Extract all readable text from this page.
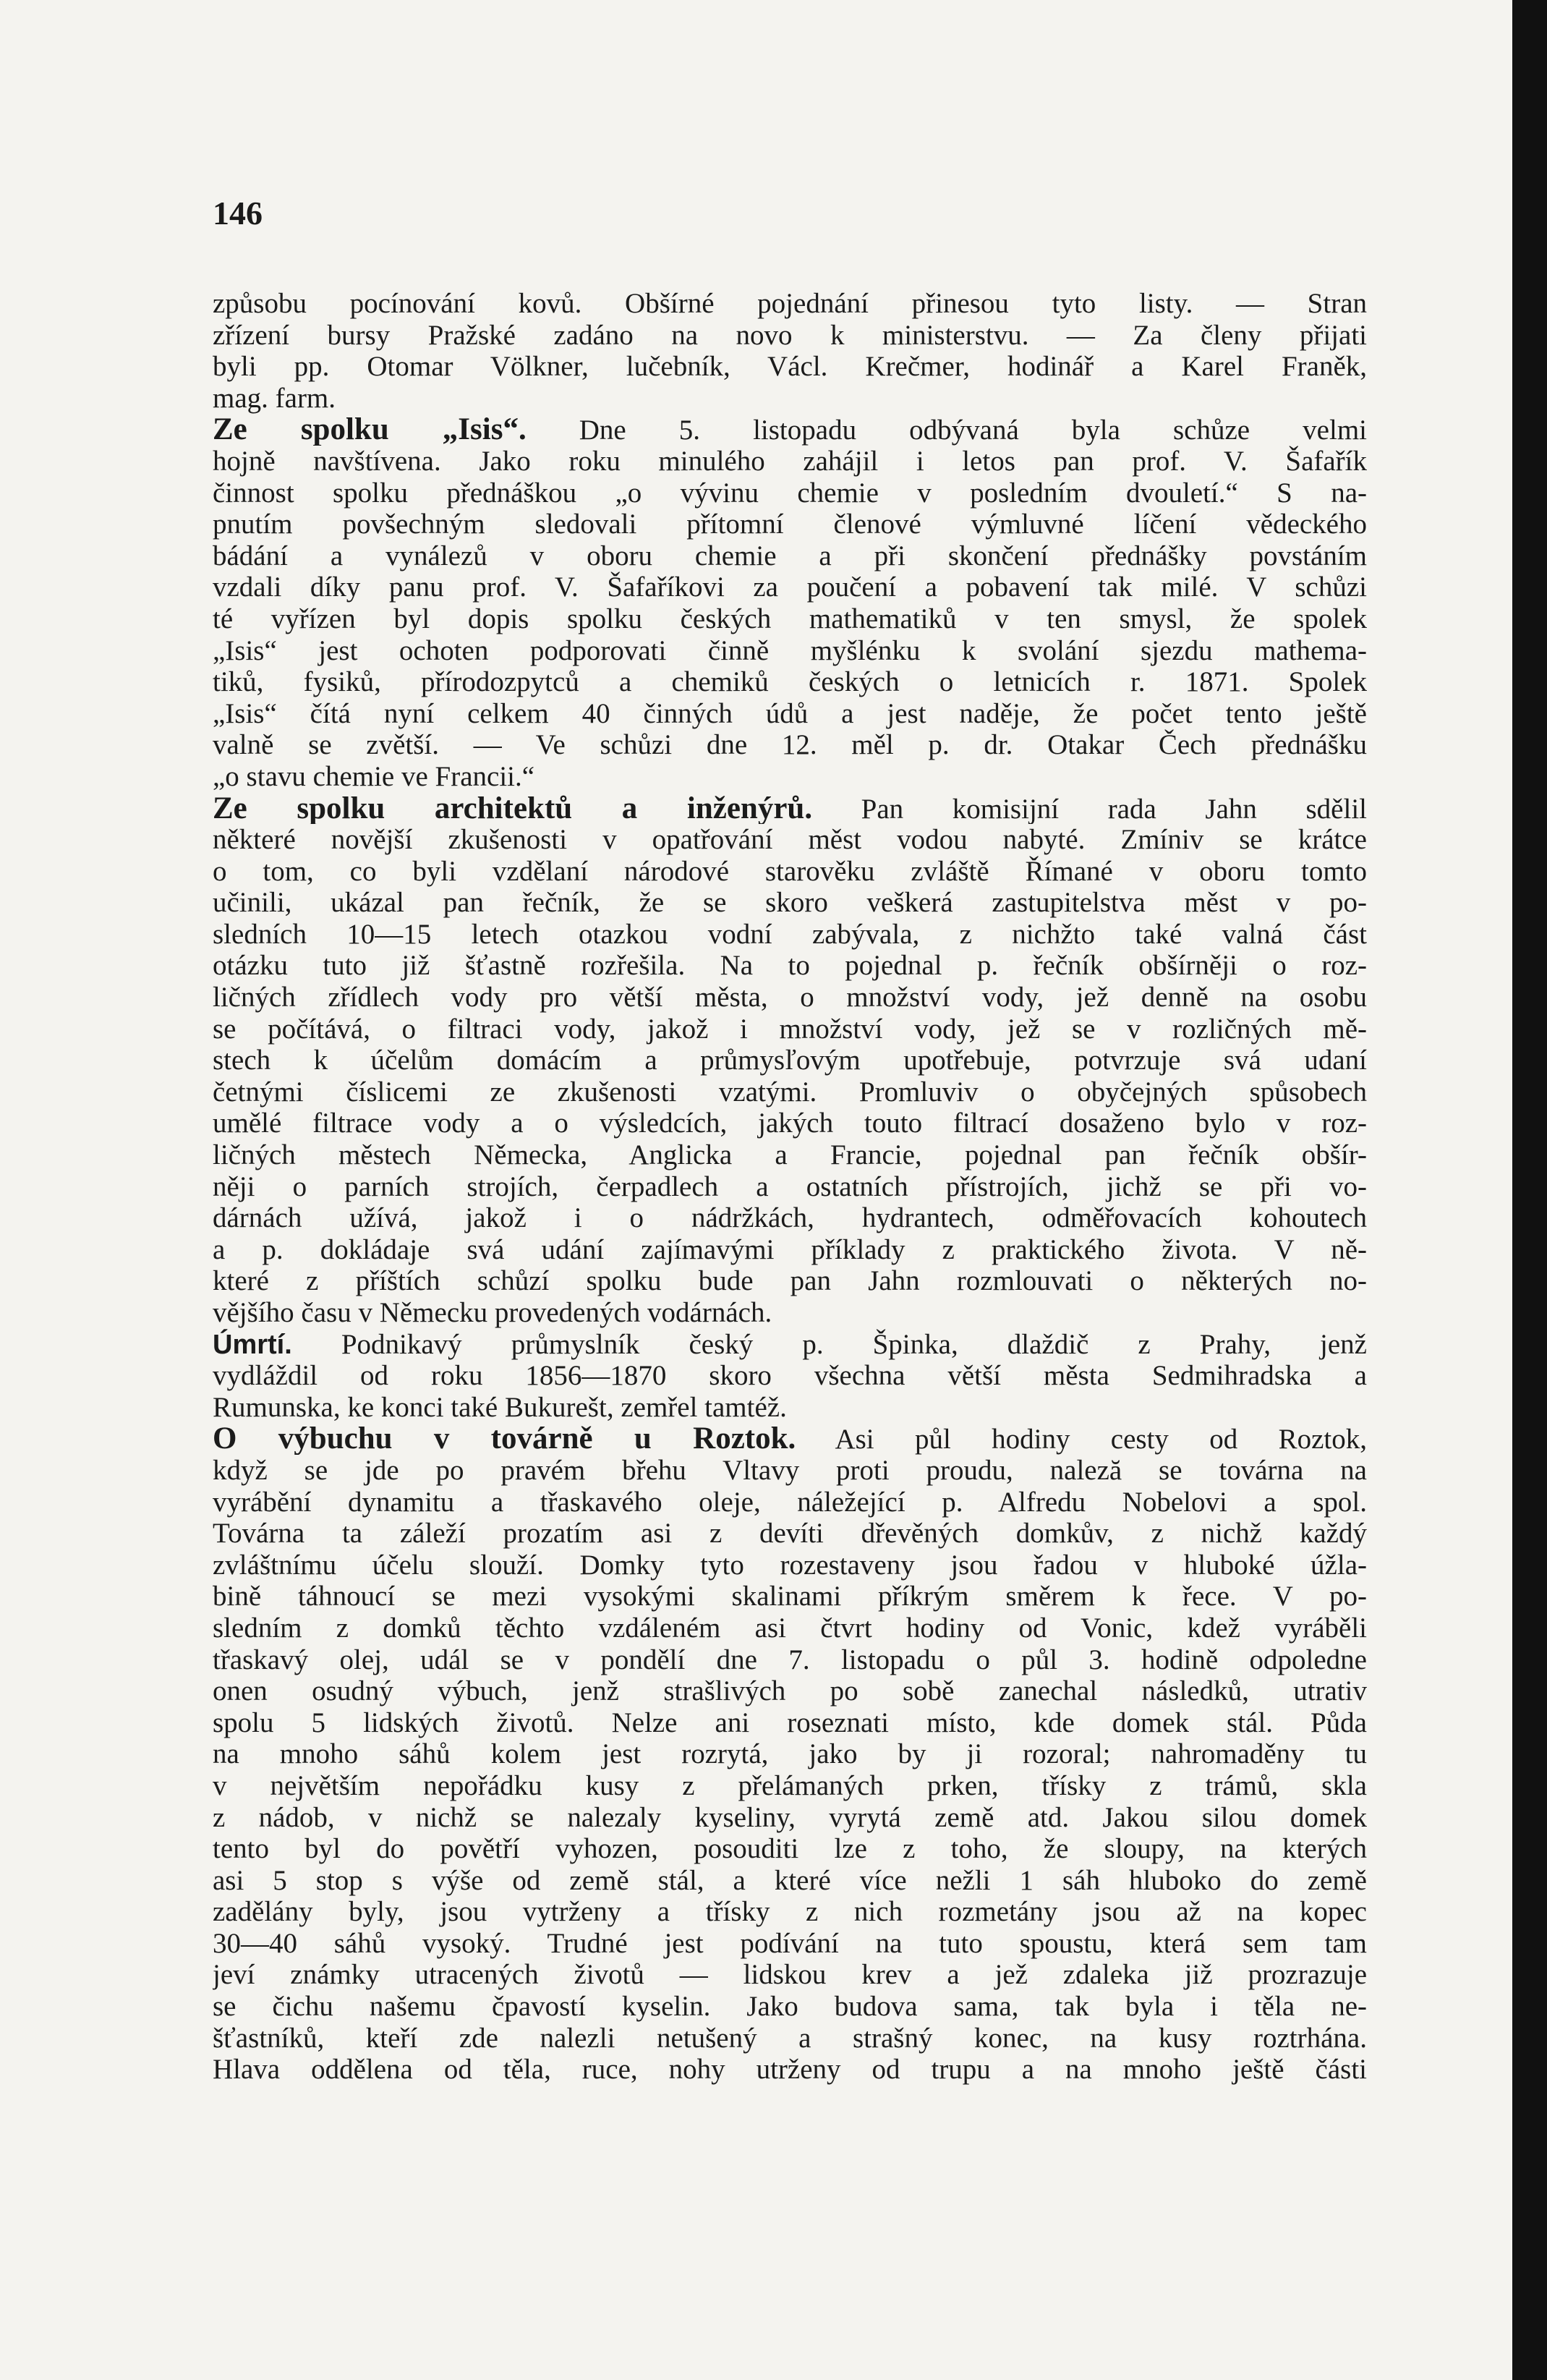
146

způsobu pocínování kovů. Obšírné pojednání přinesou tyto listy. — Stran
zřízení bursy Pražské zadáno na novo k ministerstvu. — Za členy přijati
byli pp. Otomar Völkner, lučebník, Václ. Krečmer, hodinář a Karel Franěk,
mag. farm.
Ze spolku „Isis“. Dne 5. listopadu odbývaná byla schůze velmi
hojně navštívena. Jako roku minulého zahájil i letos pan prof. V. Šafařík
činnost spolku přednáškou „o vývinu chemie v posledním dvouletí.“ S na-
pnutím povšechným sledovali přítomní členové výmluvné líčení vědeckého
bádání a vynálezů v oboru chemie a při skončení přednášky povstáním
vzdali díky panu prof. V. Šafaříkovi za poučení a pobavení tak milé. V schůzi
té vyřízen byl dopis spolku českých mathematiků v ten smysl, že spolek
„Isis“ jest ochoten podporovati činně myšlénku k svolání sjezdu mathema-
tiků, fysiků, přírodozpytců a chemiků českých o letnicích r. 1871. Spolek
„Isis“ čítá nyní celkem 40 činných údů a jest naděje, že počet tento ještě
valně se zvětší. — Ve schůzi dne 12. měl p. dr. Otakar Čech přednášku
„o stavu chemie ve Francii.“
Ze spolku architektů a inženýrů. Pan komisijní rada Jahn sdělil
některé novější zkušenosti v opatřování měst vodou nabyté. Zmíniv se krátce
o tom, co byli vzdělaní národové starověku zvláště Římané v oboru tomto
učinili, ukázal pan řečník, že se skoro veškerá zastupitelstva měst v po-
sledních 10—15 letech otazkou vodní zabývala, z nichžto také valná část
otázku tuto již šťastně rozřešila. Na to pojednal p. řečník obšírněji o roz-
ličných zřídlech vody pro větší města, o množství vody, jež denně na osobu
se počítává, o filtraci vody, jakož i množství vody, jež se v rozličných mě-
stech k účelům domácím a průmysľovým upotřebuje, potvrzuje svá udaní
četnými číslicemi ze zkušenosti vzatými. Promluviv o obyčejných spůsobech
umělé filtrace vody a o výsledcích, jakých touto filtrací dosaženo bylo v roz-
ličných městech Německa, Anglicka a Francie, pojednal pan řečník obšír-
něji o parních strojích, čerpadlech a ostatních přístrojích, jichž se při vo-
dárnách užívá, jakož i o nádržkách, hydrantech, odměřovacích kohoutech
a p. dokládaje svá udání zajímavými příklady z praktického života. V ně-
které z příštích schůzí spolku bude pan Jahn rozmlouvati o některých no-
vějšího času v Německu provedených vodárnách.
Úmrtí. Podnikavý průmyslník český p. Špinka, dlaždič z Prahy, jenž
vydláždil od roku 1856—1870 skoro všechna větší města Sedmihradska a
Rumunska, ke konci také Bukurešt, zemřel tamtéž.
O výbuchu v továrně u Roztok. Asi půl hodiny cesty od Roztok,
když se jde po pravém břehu Vltavy proti proudu, naleză se továrna na
vyrábění dynamitu a třaskavého oleje, náležející p. Alfredu Nobelovi a spol.
Továrna ta záleží prozatím asi z devíti dřevěných domkův, z nichž každý
zvláštnímu účelu slouží. Domky tyto rozestaveny jsou řadou v hluboké úžla-
bině táhnoucí se mezi vysokými skalinami příkrým směrem k řece. V po-
sledním z domků těchto vzdáleném asi čtvrt hodiny od Vonic, kdež vyráběli
třaskavý olej, udál se v pondělí dne 7. listopadu o půl 3. hodině odpoledne
onen osudný výbuch, jenž strašlivých po sobě zanechal následků, utrativ
spolu 5 lidských životů. Nelze ani roseznati místo, kde domek stál. Půda
na mnoho sáhů kolem jest rozrytá, jako by ji rozoral; nahromaděny tu
v největším nepořádku kusy z přelámaných prken, třísky z trámů, skla
z nádob, v nichž se nalezaly kyseliny, vyrytá země atd. Jakou silou domek
tento byl do povětří vyhozen, posouditi lze z toho, že sloupy, na kterých
asi 5 stop s výše od země stál, a které více nežli 1 sáh hluboko do země
zadělány byly, jsou vytrženy a třísky z nich rozmetány jsou až na kopec
30—40 sáhů vysoký. Trudné jest podívání na tuto spoustu, která sem tam
jeví známky utracených životů — lidskou krev a jež zdaleka již prozrazuje
se čichu našemu čpavostí kyselin. Jako budova sama, tak byla i těla ne-
šťastníků, kteří zde nalezli netušený a strašný konec, na kusy roztrhána.
Hlava oddělena od těla, ruce, nohy utrženy od trupu a na mnoho ještě části
